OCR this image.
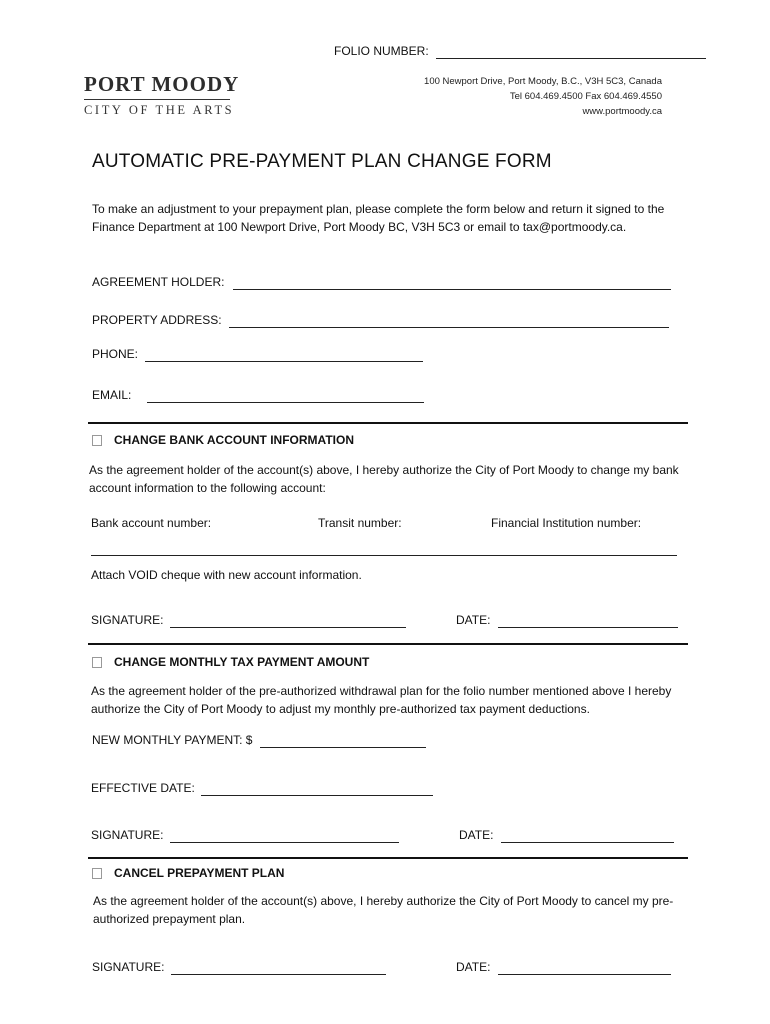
FOLIO NUMBER:
PORT MOODY
CITY OF THE ARTS
100 Newport Drive, Port Moody, B.C., V3H 5C3, Canada
Tel 604.469.4500 Fax 604.469.4550
www.portmoody.ca
AUTOMATIC PRE-PAYMENT PLAN CHANGE FORM

To make an adjustment to your prepayment plan, please complete the form below and return it signed to the Finance Department at 100 Newport Drive, Port Moody BC, V3H 5C3 or email to tax@portmoody.ca.

AGREEMENT HOLDER:
PROPERTY ADDRESS:
PHONE:
EMAIL:
CHANGE BANK ACCOUNT INFORMATION

As the agreement holder of the account(s) above, I hereby authorize the City of Port Moody to change my bank account information to the following account:

Bank account number:	Transit number:	Financial Institution number:
Attach VOID cheque with new account information.
SIGNATURE:	DATE:
CHANGE MONTHLY TAX PAYMENT AMOUNT

As the agreement holder of the pre-authorized withdrawal plan for the folio number mentioned above I hereby authorize the City of Port Moody to adjust my monthly pre-authorized tax payment deductions.

NEW MONTHLY PAYMENT: $
EFFECTIVE DATE:
SIGNATURE:	DATE:
CANCEL PREPAYMENT PLAN

As the agreement holder of the account(s) above, I hereby authorize the City of Port Moody to cancel my pre-authorized prepayment plan.

SIGNATURE:	DATE:
